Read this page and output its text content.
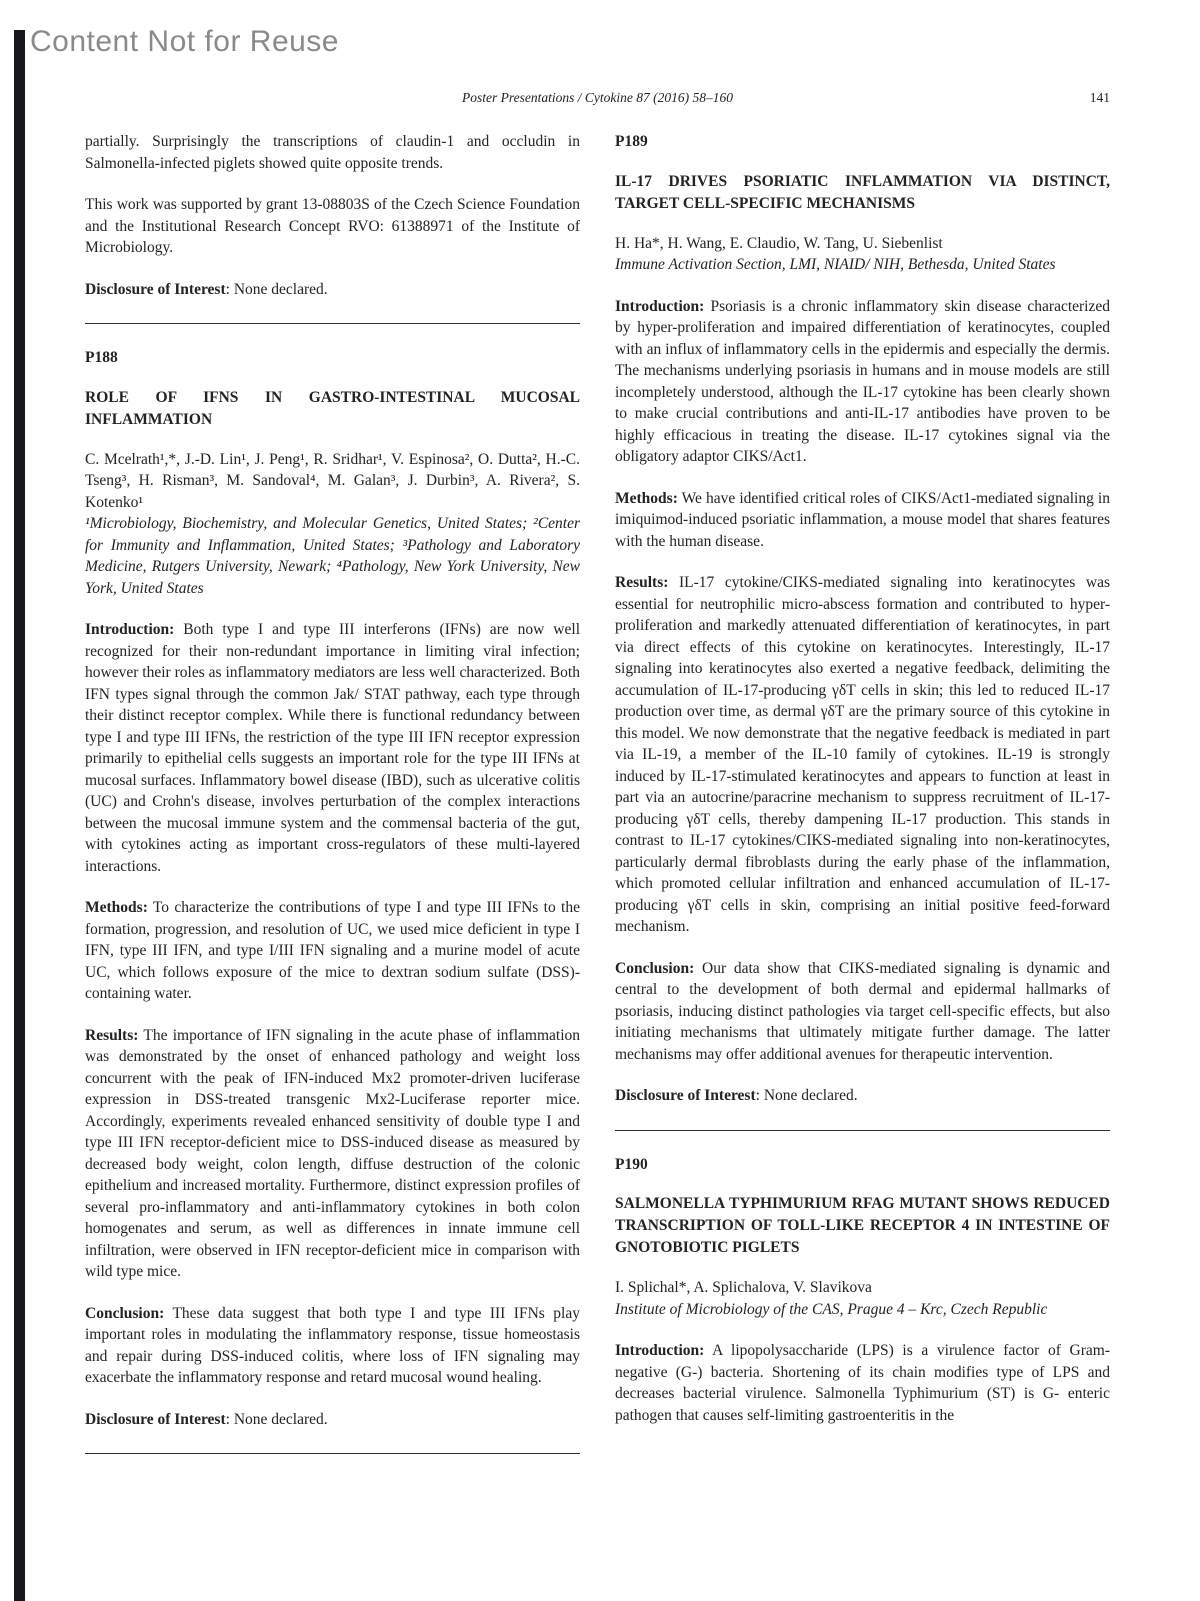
Content Not for Reuse
Poster Presentations / Cytokine 87 (2016) 58–160	141

partially. Surprisingly the transcriptions of claudin-1 and occludin in Salmonella-infected piglets showed quite opposite trends.

This work was supported by grant 13-08803S of the Czech Science Foundation and the Institutional Research Concept RVO: 61388971 of the Institute of Microbiology.

Disclosure of Interest: None declared.

P188

ROLE OF IFNS IN GASTRO-INTESTINAL MUCOSAL INFLAMMATION

C. Mcelrath¹,*, J.-D. Lin¹, J. Peng¹, R. Sridhar¹, V. Espinosa², O. Dutta², H.-C. Tseng³, H. Risman³, M. Sandoval⁴, M. Galan³, J. Durbin³, A. Rivera², S. Kotenko¹

¹Microbiology, Biochemistry, and Molecular Genetics, United States; ²Center for Immunity and Inflammation, United States; ³Pathology and Laboratory Medicine, Rutgers University, Newark; ⁴Pathology, New York University, New York, United States

Introduction: Both type I and type III interferons (IFNs) are now well recognized for their non-redundant importance in limiting viral infection; however their roles as inflammatory mediators are less well characterized. Both IFN types signal through the common Jak/ STAT pathway, each type through their distinct receptor complex. While there is functional redundancy between type I and type III IFNs, the restriction of the type III IFN receptor expression primarily to epithelial cells suggests an important role for the type III IFNs at mucosal surfaces. Inflammatory bowel disease (IBD), such as ulcerative colitis (UC) and Crohn's disease, involves perturbation of the complex interactions between the mucosal immune system and the commensal bacteria of the gut, with cytokines acting as important cross-regulators of these multi-layered interactions.

Methods: To characterize the contributions of type I and type III IFNs to the formation, progression, and resolution of UC, we used mice deficient in type I IFN, type III IFN, and type I/III IFN signaling and a murine model of acute UC, which follows exposure of the mice to dextran sodium sulfate (DSS)-containing water.

Results: The importance of IFN signaling in the acute phase of inflammation was demonstrated by the onset of enhanced pathology and weight loss concurrent with the peak of IFN-induced Mx2 promoter-driven luciferase expression in DSS-treated transgenic Mx2-Luciferase reporter mice. Accordingly, experiments revealed enhanced sensitivity of double type I and type III IFN receptor-deficient mice to DSS-induced disease as measured by decreased body weight, colon length, diffuse destruction of the colonic epithelium and increased mortality. Furthermore, distinct expression profiles of several pro-inflammatory and anti-inflammatory cytokines in both colon homogenates and serum, as well as differences in innate immune cell infiltration, were observed in IFN receptor-deficient mice in comparison with wild type mice.

Conclusion: These data suggest that both type I and type III IFNs play important roles in modulating the inflammatory response, tissue homeostasis and repair during DSS-induced colitis, where loss of IFN signaling may exacerbate the inflammatory response and retard mucosal wound healing.

Disclosure of Interest: None declared.

P189

IL-17 DRIVES PSORIATIC INFLAMMATION VIA DISTINCT, TARGET CELL-SPECIFIC MECHANISMS

H. Ha*, H. Wang, E. Claudio, W. Tang, U. Siebenlist

Immune Activation Section, LMI, NIAID/ NIH, Bethesda, United States

Introduction: Psoriasis is a chronic inflammatory skin disease characterized by hyper-proliferation and impaired differentiation of keratinocytes, coupled with an influx of inflammatory cells in the epidermis and especially the dermis. The mechanisms underlying psoriasis in humans and in mouse models are still incompletely understood, although the IL-17 cytokine has been clearly shown to make crucial contributions and anti-IL-17 antibodies have proven to be highly efficacious in treating the disease. IL-17 cytokines signal via the obligatory adaptor CIKS/Act1.

Methods: We have identified critical roles of CIKS/Act1-mediated signaling in imiquimod-induced psoriatic inflammation, a mouse model that shares features with the human disease.

Results: IL-17 cytokine/CIKS-mediated signaling into keratinocytes was essential for neutrophilic micro-abscess formation and contributed to hyper-proliferation and markedly attenuated differentiation of keratinocytes, in part via direct effects of this cytokine on keratinocytes. Interestingly, IL-17 signaling into keratinocytes also exerted a negative feedback, delimiting the accumulation of IL-17-producing γδT cells in skin; this led to reduced IL-17 production over time, as dermal γδT are the primary source of this cytokine in this model. We now demonstrate that the negative feedback is mediated in part via IL-19, a member of the IL-10 family of cytokines. IL-19 is strongly induced by IL-17-stimulated keratinocytes and appears to function at least in part via an autocrine/paracrine mechanism to suppress recruitment of IL-17-producing γδT cells, thereby dampening IL-17 production. This stands in contrast to IL-17 cytokines/CIKS-mediated signaling into non-keratinocytes, particularly dermal fibroblasts during the early phase of the inflammation, which promoted cellular infiltration and enhanced accumulation of IL-17-producing γδT cells in skin, comprising an initial positive feed-forward mechanism.

Conclusion: Our data show that CIKS-mediated signaling is dynamic and central to the development of both dermal and epidermal hallmarks of psoriasis, inducing distinct pathologies via target cell-specific effects, but also initiating mechanisms that ultimately mitigate further damage. The latter mechanisms may offer additional avenues for therapeutic intervention.

Disclosure of Interest: None declared.

P190

SALMONELLA TYPHIMURIUM RFAG MUTANT SHOWS REDUCED TRANSCRIPTION OF TOLL-LIKE RECEPTOR 4 IN INTESTINE OF GNOTOBIOTIC PIGLETS

I. Splichal*, A. Splichalova, V. Slavikova

Institute of Microbiology of the CAS, Prague 4 – Krc, Czech Republic

Introduction: A lipopolysaccharide (LPS) is a virulence factor of Gram-negative (G-) bacteria. Shortening of its chain modifies type of LPS and decreases bacterial virulence. Salmonella Typhimurium (ST) is G- enteric pathogen that causes self-limiting gastroenteritis in the
